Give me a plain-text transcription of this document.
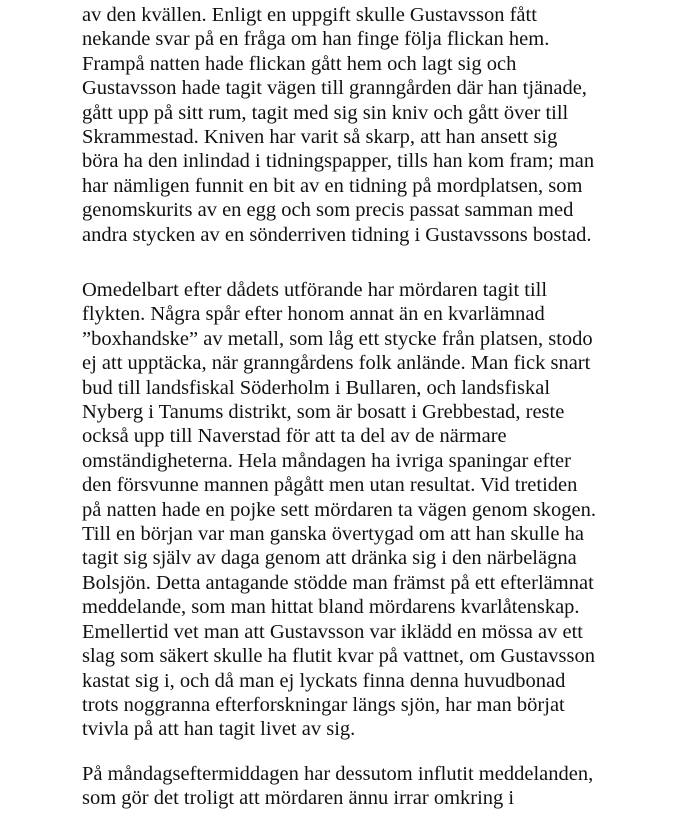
av den kvällen. Enligt en uppgift skulle Gustavsson fått
nekande svar på en fråga om han finge följa flickan hem.
Frampå natten hade flickan gått hem och lagt sig och
Gustavsson hade tagit vägen till granngården där han tjänade,
gått upp på sitt rum, tagit med sig sin kniv och gått över till
Skrammestad. Kniven har varit så skarp, att han ansett sig
böra ha den inlindad i tidningspapper, tills han kom fram; man
har nämligen funnit en bit av en tidning på mordplatsen, som
genomskurits av en egg och som precis passat samman med
andra stycken av en sönderriven tidning i Gustavssons bostad.

Omedelbart efter dådets utförande har mördaren tagit till
flykten. Några spår efter honom annat än en kvarlämnad
”boxhandske” av metall, som låg ett stycke från platsen, stodo
ej att upptäcka, när granngårdens folk anlände. Man fick snart
bud till landsfiskal Söderholm i Bullaren, och landsfiskal
Nyberg i Tanums distrikt, som är bosatt i Grebbestad, reste
också upp till Naverstad för att ta del av de närmare
omständigheterna. Hela måndagen ha ivriga spaningar efter
den försvunne mannen pågått men utan resultat. Vid tretiden
på natten hade en pojke sett mördaren ta vägen genom skogen.
Till en början var man ganska övertygad om att han skulle ha
tagit sig själv av daga genom att dränka sig i den närbelägna
Bolsjön. Detta antagande stödde man främst på ett efterlämnat
meddelande, som man hittat bland mördarens kvarlåtenskap.
Emellertid vet man att Gustavsson var iklädd en mössa av ett
slag som säkert skulle ha flutit kvar på vattnet, om Gustavsson
kastat sig i, och då man ej lyckats finna denna huvudbonad
trots noggranna efterforskningar längs sjön, har man börjat
tvivla på att han tagit livet av sig.

På måndagseftermiddagen har dessutom influtit meddelanden,
som gör det troligt att mördaren ännu irrar omkring i
